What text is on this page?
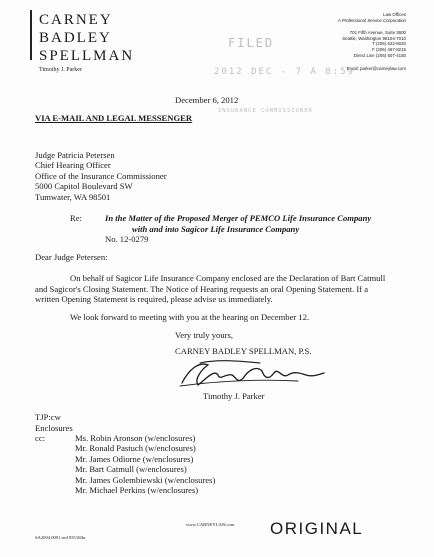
CARNEY
BADLEY
SPELLMAN
Timothy J. Parker
Law Offices
A Professional Service Corporation
701 Fifth Avenue, Suite 3600
Seattle, Washington 98104-7010
T (206) 622-8020
F (206) 467-8215
Direct Line (206) 607-4150
Email: parker@carneylaw.com
FILED
2012 DEC - 7 A 8:59
INSURANCE COMMISSIONER
December 6, 2012
VIA E-MAIL AND LEGAL MESSENGER
Judge Patricia Petersen
Chief Hearing Officer
Office of the Insurance Commissioner
5000 Capitol Boulevard SW
Tumwater, WA 98501
Re:	In the Matter of the Proposed Merger of PEMCO Life Insurance Company
with and into Sagicor Life Insurance Company
No. 12-0279
Dear Judge Petersen:
On behalf of Sagicor Life Insurance Company enclosed are the Declaration of Bart Catmull
and Sagicor's Closing Statement. The Notice of Hearing requests an oral Opening Statement. If a
written Opening Statement is required, please advise us immediately.
We look forward to meeting with you at the hearing on December 12.
Very truly yours,
CARNEY BADLEY SPELLMAN, P.S.
Timothy J. Parker
TJP:cw
Enclosures
cc:	Ms. Robin Aronson (w/enclosures)
Mr. Ronald Pastuch (w/enclosures)
Mr. James Odiorne (w/enclosures)
Mr. Bart Catmull (w/enclosures)
Mr. James Golembiewski (w/enclosures)
Mr. Michael Perkins (w/enclosures)
SA2004 0001 rm193516lbr
www.CARNEYLAW.com ORIGINAL
